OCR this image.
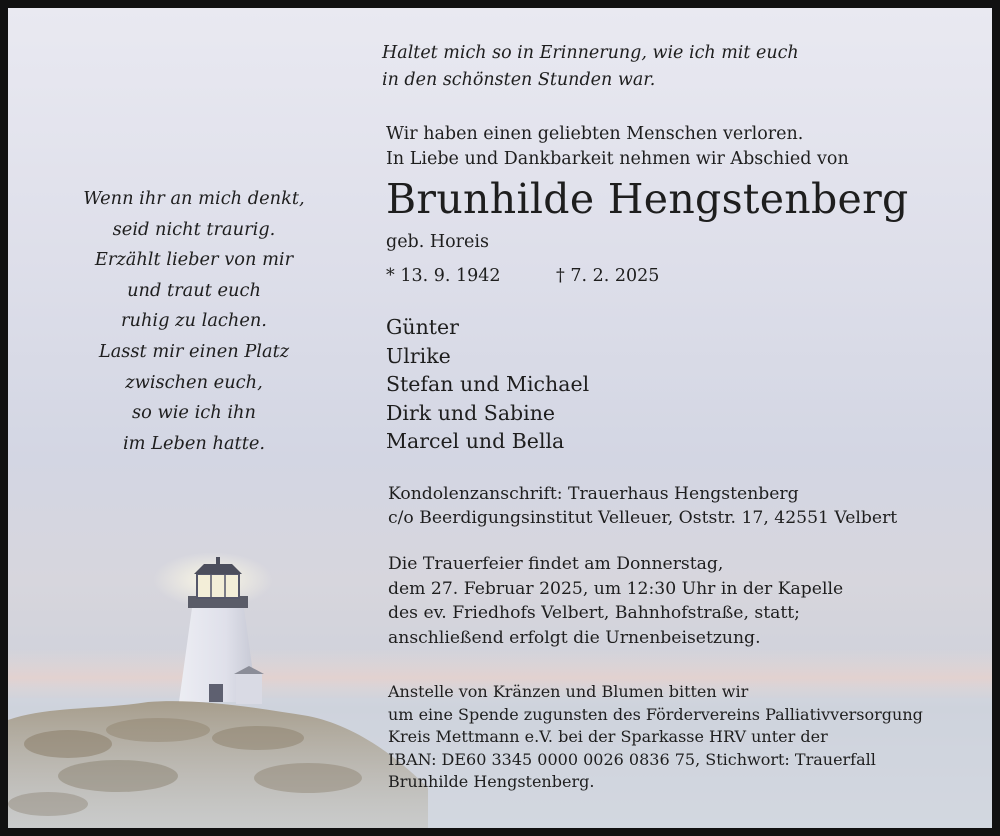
Haltet mich so in Erinnerung, wie ich mit euch
in den schönsten Stunden war.
Wir haben einen geliebten Menschen verloren.
In Liebe und Dankbarkeit nehmen wir Abschied von
Brunhilde Hengstenberg
geb. Horeis
* 13. 9. 1942	† 7. 2. 2025
Günter
Ulrike
Stefan und Michael
Dirk und Sabine
Marcel und Bella
Kondolenzanschrift: Trauerhaus Hengstenberg
c/o Beerdigungsinstitut Velleuer, Oststr. 17, 42551 Velbert
Die Trauerfeier findet am Donnerstag,
dem 27. Februar 2025, um 12:30 Uhr in der Kapelle
des ev. Friedhofs Velbert, Bahnhofstraße, statt;
anschließend erfolgt die Urnenbeisetzung.
Anstelle von Kränzen und Blumen bitten wir
um eine Spende zugunsten des Fördervereins Palliativversorgung
Kreis Mettmann e.V. bei der Sparkasse HRV unter der
IBAN: DE60 3345 0000 0026 0836 75, Stichwort: Trauerfall
Brunhilde Hengstenberg.
Wenn ihr an mich denkt,
seid nicht traurig.
Erzählt lieber von mir
und traut euch
ruhig zu lachen.
Lasst mir einen Platz
zwischen euch,
so wie ich ihn
im Leben hatte.
